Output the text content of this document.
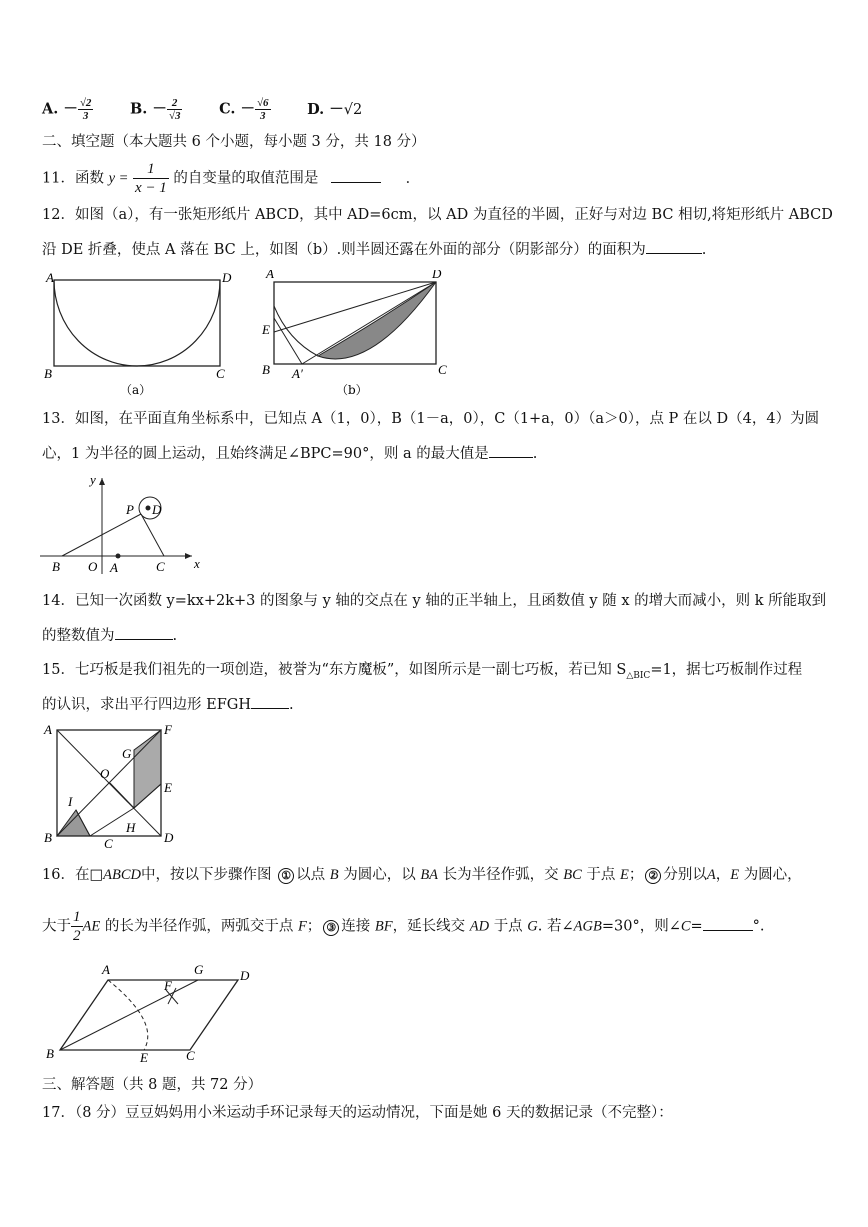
A. － $\frac{√2}{3}$	B. － $\frac{2}{√3}$	C. － $\frac{√6}{3}$	D. －√2
二、填空题（本大题共 6 个小题，每小题 3 分，共 18 分）
11．函数 $y = \frac{1}{x - 1}$ 的自变量的取值范围是	．
12．如图（a），有一张矩形纸片 ABCD，其中 AD=6cm，以 AD 为直径的半圆，正好与对边 BC 相切,将矩形纸片 ABCD
沿 DE 折叠，使点 A 落在 BC 上，如图（b）.则半圆还露在外面的部分（阴影部分）的面积为	.
A	D
B	C
（a）
A	D
E
B A′	C
（b）
13．如图，在平面直角坐标系中，已知点 A（1，0），B（1－a，0），C（1+a，0）（a＞0），点 P 在以 D（4，4）为圆
心，1 为半径的圆上运动，且始终满足∠BPC=90°，则 a 的最大值是	.
y
x
P D
B O A	C
14．已知一次函数 y=kx+2k+3 的图象与 y 轴的交点在 y 轴的正半轴上，且函数值 y 随 x 的增大而减小，则 k 所能取到
的整数值为	.
15．七巧板是我们祖先的一项创造，被誉为“东方魔板”，如图所示是一副七巧板，若已知 $S_{\triangle BIC}=1$，据七巧板制作过程
的认识，求出平行四边形 EFGH	.
A	F
G
O
E
I
H
B	C	D
16．在□ABCD中，按以下步骤作图 ① 以点 B 为圆心，以 BA 长为半径作弧，交 BC 于点 E； ② 分别以A，E 为圆心，
大于 $\frac{1}{2}$ AE 的长为半径作弧，两弧交于点 F； ③ 连接 BF，延长线交 AD 于点 G. 若∠AGB=30°，则∠C=	°.
A	G	D
F
B	E	C
三、解答题（共 8 题，共 72 分）
17．（8 分）豆豆妈妈用小米运动手环记录每天的运动情况，下面是她 6 天的数据记录（不完整）：
